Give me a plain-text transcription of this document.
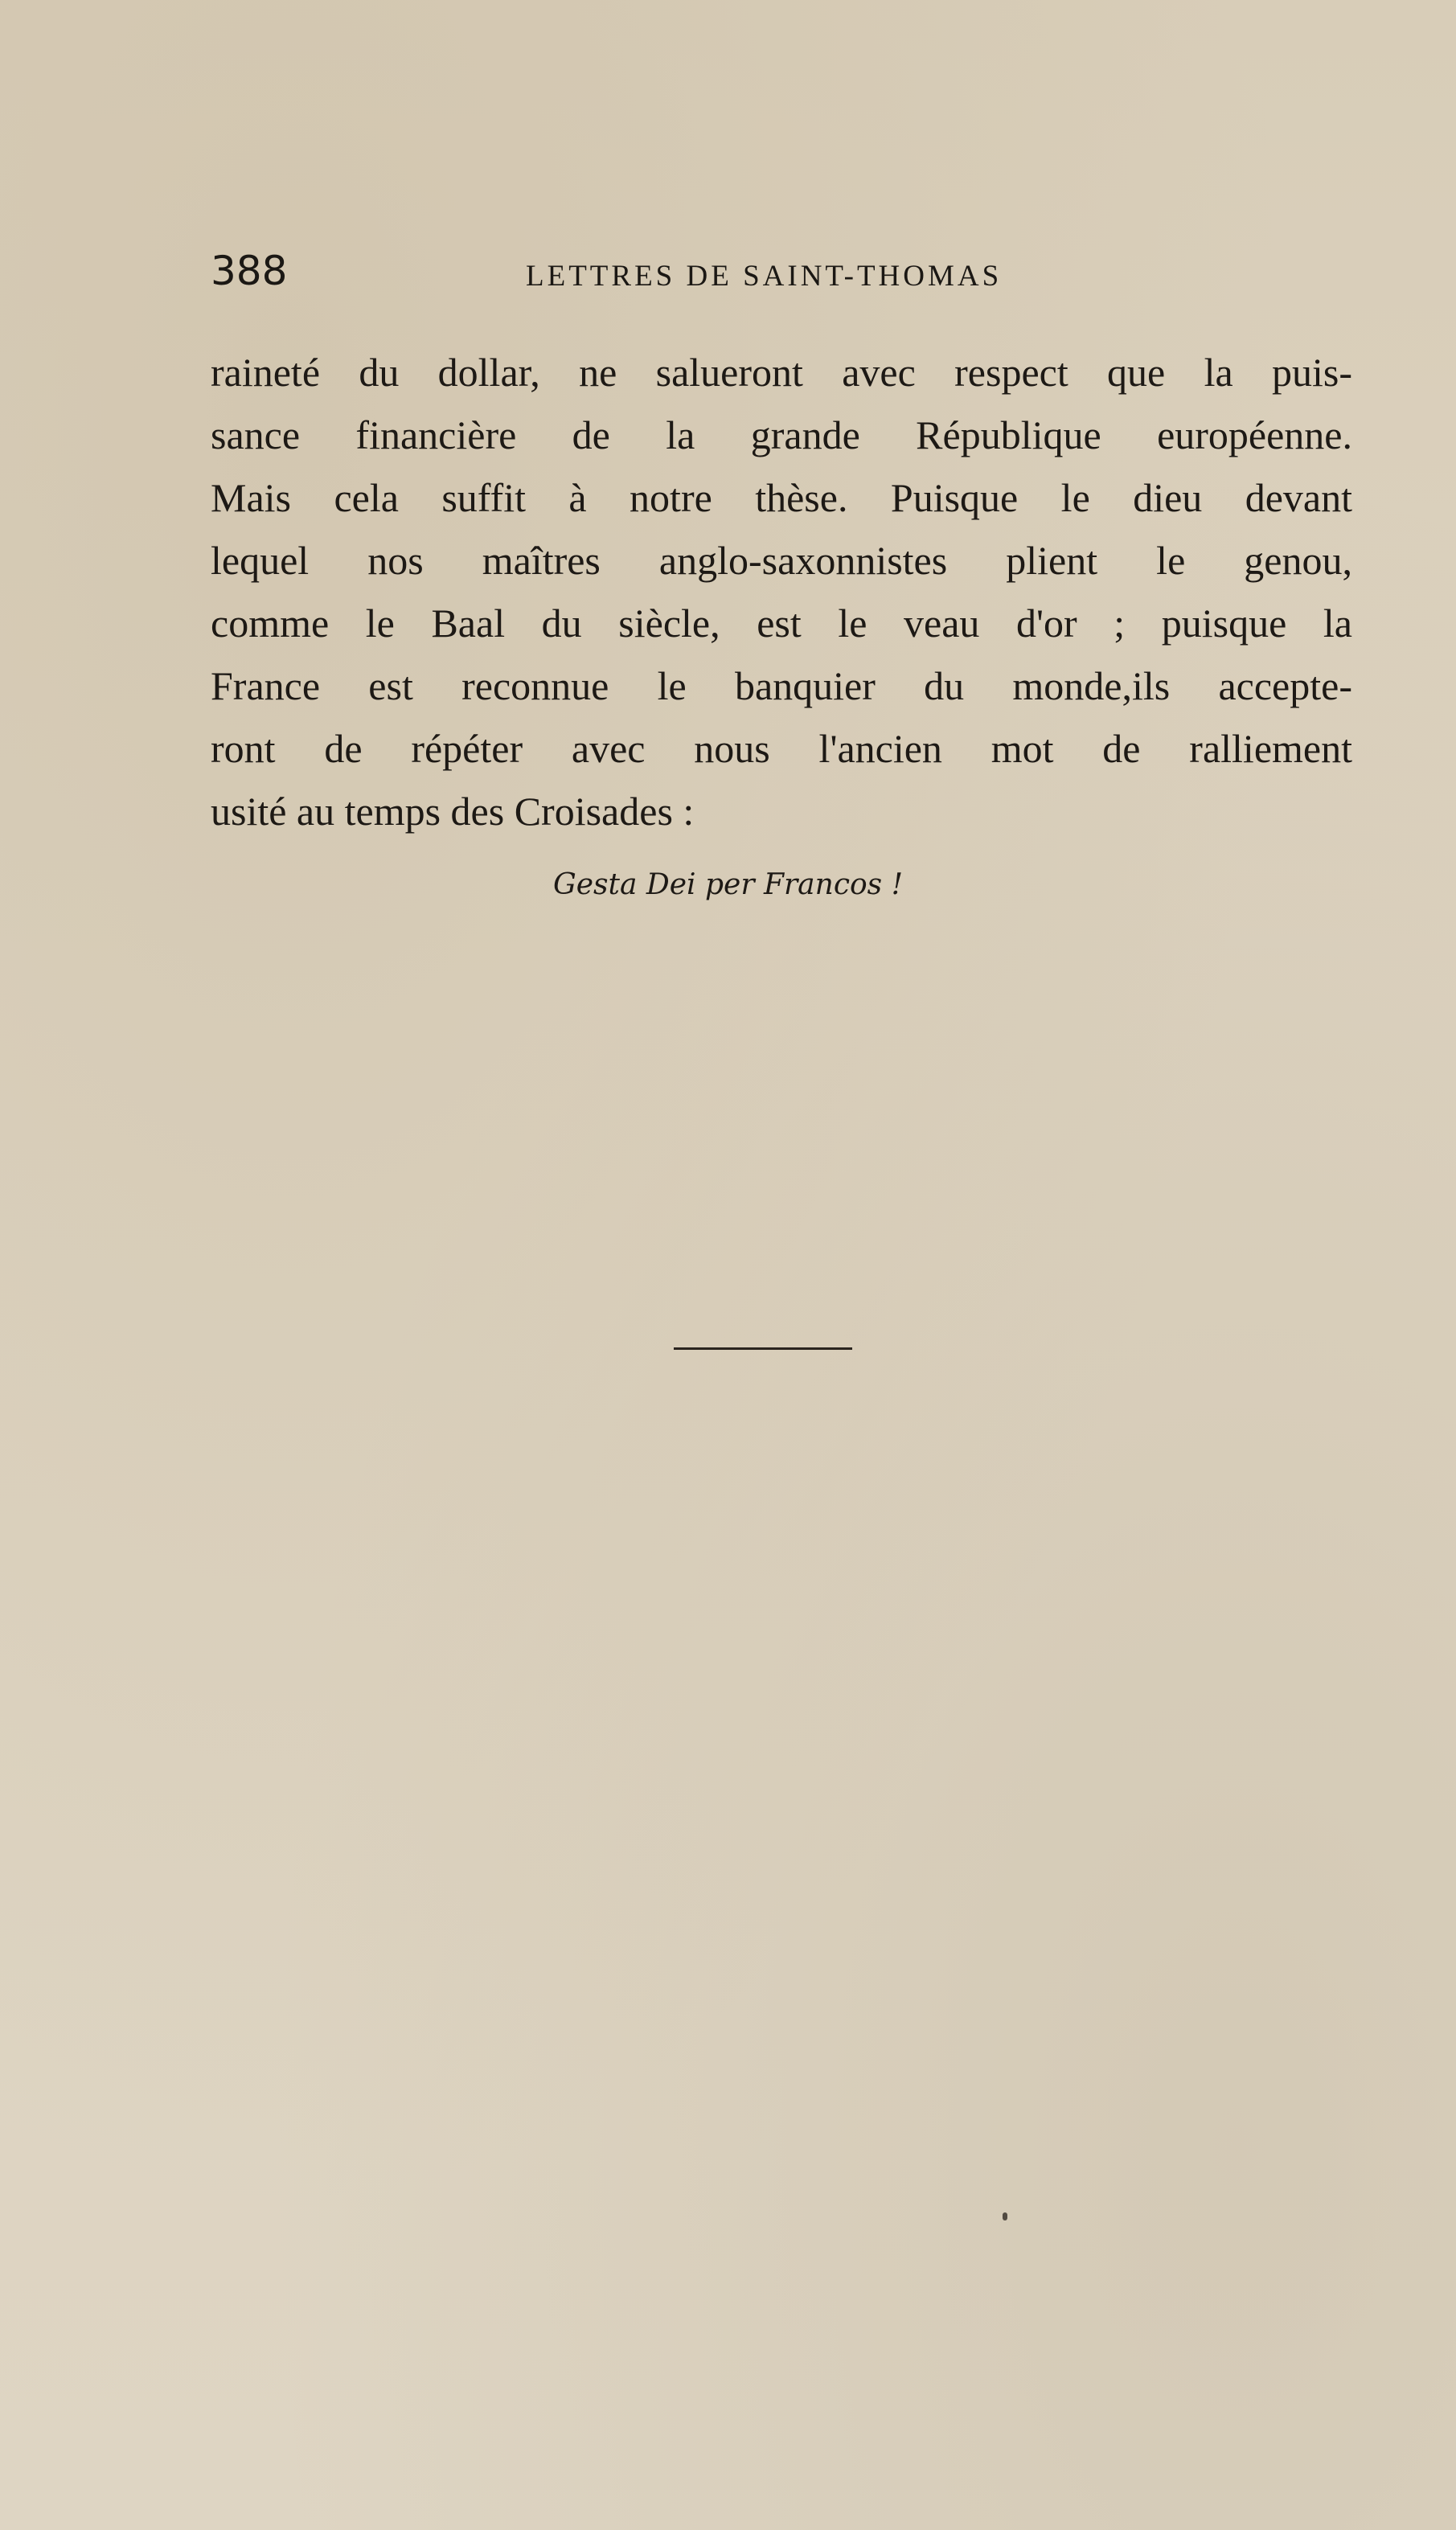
388	LETTRES DE SAINT-THOMAS
raineté du dollar, ne salueront avec respect que la puis-
sance financière de la grande République européenne.
Mais cela suffit à notre thèse. Puisque le dieu devant
lequel nos maîtres anglo-saxonnistes plient le genou,
comme le Baal du siècle, est le veau d'or ; puisque la
France est reconnue le banquier du monde,ils accepte-
ront de répéter avec nous l'ancien mot de ralliement
usité au temps des Croisades :
Gesta Dei per Francos !
